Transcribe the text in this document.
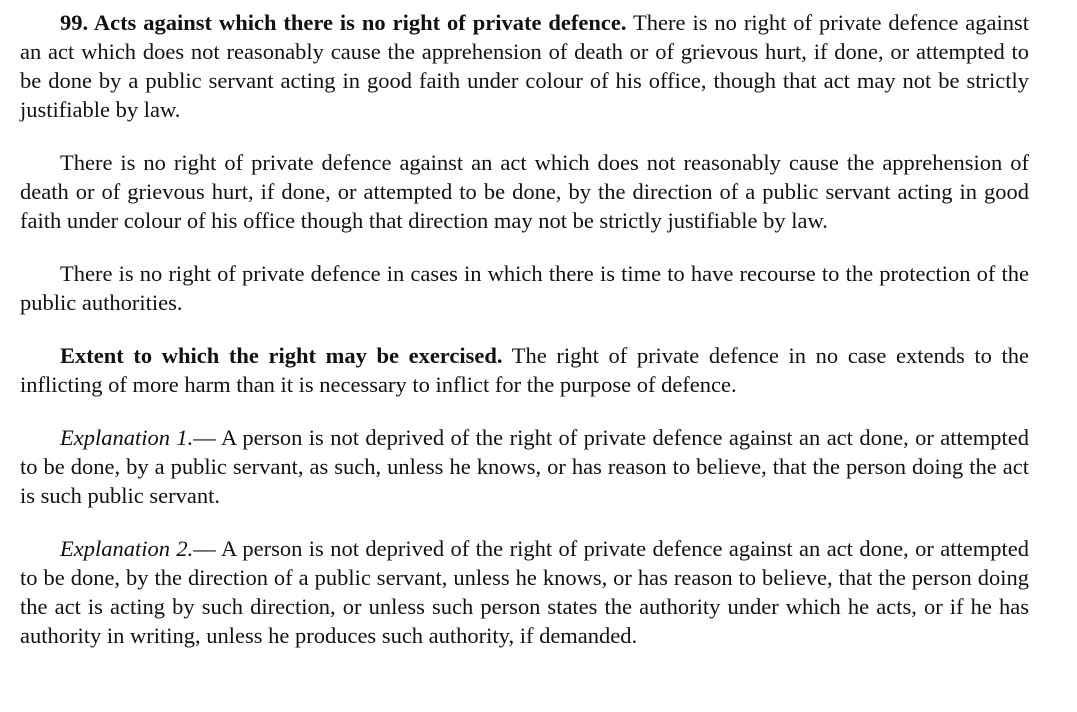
99. Acts against which there is no right of private defence. There is no right of private defence against an act which does not reasonably cause the apprehension of death or of grievous hurt, if done, or attempted to be done by a public servant acting in good faith under colour of his office, though that act may not be strictly justifiable by law.

There is no right of private defence against an act which does not reasonably cause the apprehension of death or of grievous hurt, if done, or attempted to be done, by the direction of a public servant acting in good faith under colour of his office though that direction may not be strictly justifiable by law.

There is no right of private defence in cases in which there is time to have recourse to the protection of the public authorities.

Extent to which the right may be exercised. The right of private defence in no case extends to the inflicting of more harm than it is necessary to inflict for the purpose of defence.

Explanation 1.— A person is not deprived of the right of private defence against an act done, or attempted to be done, by a public servant, as such, unless he knows, or has reason to believe, that the person doing the act is such public servant.

Explanation 2.— A person is not deprived of the right of private defence against an act done, or attempted to be done, by the direction of a public servant, unless he knows, or has reason to believe, that the person doing the act is acting by such direction, or unless such person states the authority under which he acts, or if he has authority in writing, unless he produces such authority, if demanded.
